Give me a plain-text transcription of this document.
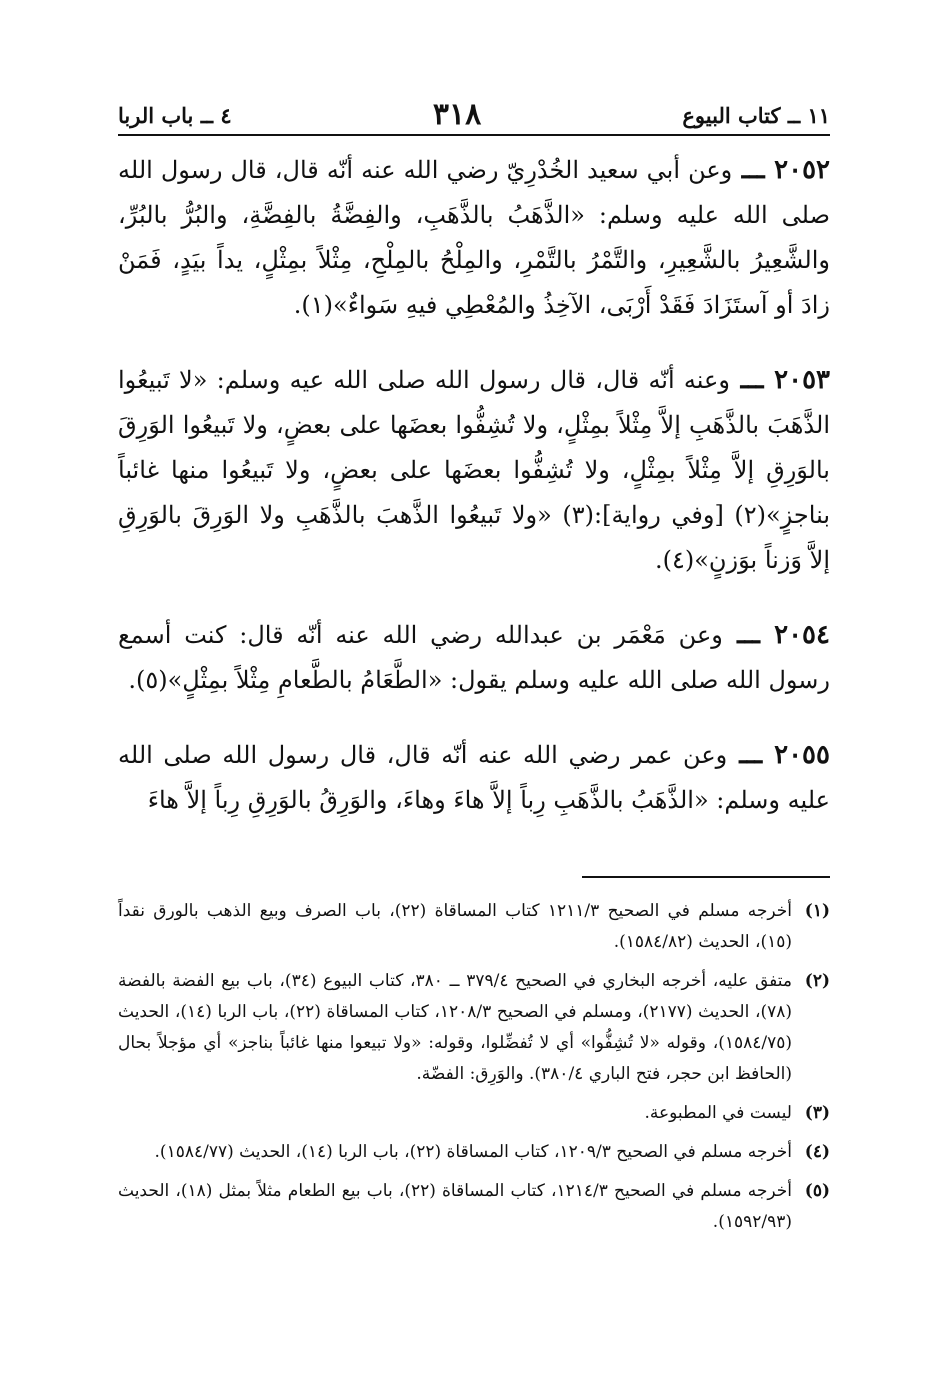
١١ ــ كتاب البيوع
٣١٨
٤ ــ باب الربا

٢٠٥٢ ـــ وعن أبي سعيد الخُدْرِيّ رضي الله عنه أنّه قال، قال رسول الله صلى الله عليه وسلم: «الذَّهَبُ بالذَّهَبِ، والفِضَّةُ بالفِضَّةِ، والبُرُّ بالبُرِّ، والشَّعِيرُ بالشَّعِيرِ، والتَّمْرُ بالتَّمْرِ، والمِلْحُ بالمِلْحِ، مِثْلاً بمِثْلٍ، يداً بيَدٍ، فَمَنْ زادَ أو آستَزَادَ فَقَدْ أَرْبَى، الآخِذُ والمُعْطِي فيهِ سَواءٌ»(١).

٢٠٥٣ ـــ وعنه أنّه قال، قال رسول الله صلى الله عيه وسلم: «لا تَبيعُوا الذَّهَبَ بالذَّهَبِ إلاَّ مِثْلاً بمِثْلٍ، ولا تُشِفُّوا بعضَها على بعضٍ، ولا تَبيعُوا الوَرِقَ بالوَرِقِ إلاَّ مِثْلاً بمِثْلٍ، ولا تُشِفُّوا بعضَها على بعضٍ، ولا تَبيعُوا منها غائباً بناجزٍ»(٢) [وفي رواية]:(٣) «ولا تَبيعُوا الذَّهبَ بالذَّهَبِ ولا الوَرِقَ بالوَرِقِ إلاَّ وَزناً بوَزنٍ»(٤).

٢٠٥٤ ـــ وعن مَعْمَر بن عبدالله رضي الله عنه أنّه قال: كنت أسمع رسول الله صلى الله عليه وسلم يقول: «الطَّعَامُ بالطَّعامِ مِثْلاً بمِثْلٍ»(٥).

٢٠٥٥ ـــ وعن عمر رضي الله عنه أنّه قال، قال رسول الله صلى الله عليه وسلم: «الذَّهَبُ بالذَّهَبِ رِباً إلاَّ هاءَ وهاءَ، والوَرِقُ بالوَرِقِ رِباً إلاَّ هاءَ

(١)
أخرجه مسلم في الصحيح ١٢١١/٣ كتاب المساقاة (٢٢)، باب الصرف وبيع الذهب بالورق نقداً (١٥)، الحديث (١٥٨٤/٨٢).
(٢)
متفق عليه، أخرجه البخاري في الصحيح ٣٧٩/٤ ــ ٣٨٠، كتاب البيوع (٣٤)، باب بيع الفضة بالفضة (٧٨)، الحديث (٢١٧٧)، ومسلم في الصحيح ١٢٠٨/٣، كتاب المساقاة (٢٢)، باب الربا (١٤)، الحديث (١٥٨٤/٧٥)، وقوله «لا تُشِفُّوا» أي لا تُفضِّلوا، وقوله: «ولا تبيعوا منها غائباً بناجز» أي مؤجلاً بحال (الحافظ ابن حجر، فتح الباري ٣٨٠/٤). والوَرِق: الفضّة.
(٣)
ليست في المطبوعة.
(٤)
أخرجه مسلم في الصحيح ١٢٠٩/٣، كتاب المساقاة (٢٢)، باب الربا (١٤)، الحديث (١٥٨٤/٧٧).
(٥)
أخرجه مسلم في الصحيح ١٢١٤/٣، كتاب المساقاة (٢٢)، باب بيع الطعام مثلاً بمثل (١٨)، الحديث (١٥٩٢/٩٣).
